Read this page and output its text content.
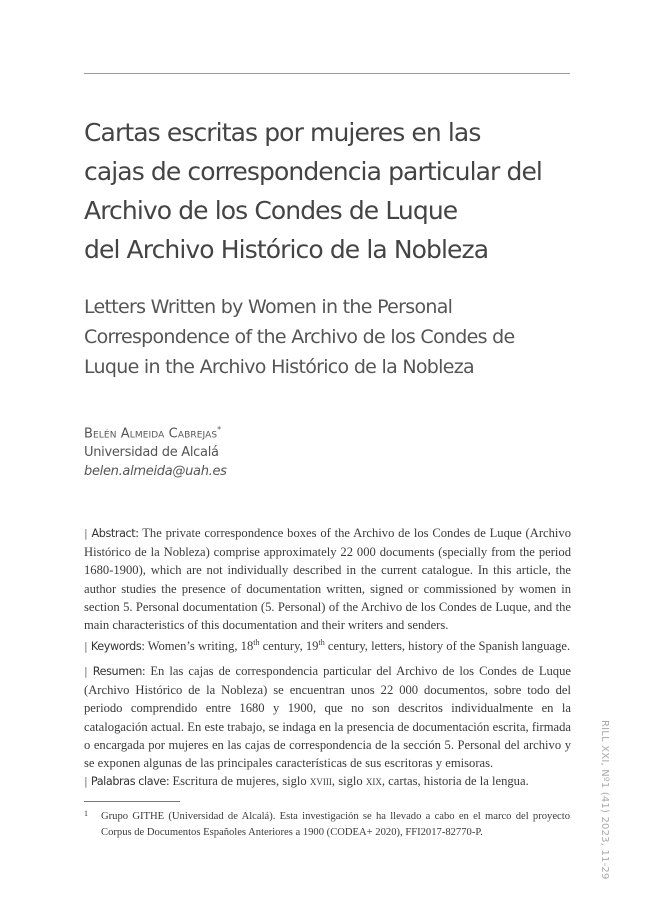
Cartas escritas por mujeres en las
cajas de correspondencia particular del
Archivo de los Condes de Luque
del Archivo Histórico de la Nobleza
Letters Written by Women in the Personal
Correspondence of the Archivo de los Condes de
Luque in the Archivo Histórico de la Nobleza
Belén Almeida Cabrejas*
Universidad de Alcalá
belen.almeida@uah.es

| Abstract: The private correspondence boxes of the Archivo de los Condes de Luque (Archivo Histórico de la Nobleza) comprise approximately 22 000 documents (specially from the period 1680-1900), which are not individually described in the current catalogue. In this article, the author studies the presence of documentation written, signed or commissioned by women in section 5. Personal documentation (5. Personal) of the Archivo de los Condes de Luque, and the main characteristics of this documentation and their writers and senders.

| Keywords: Women’s writing, 18th century, 19th century, letters, history of the Spanish language.

| Resumen: En las cajas de correspondencia particular del Archivo de los Condes de Luque (Archivo Histórico de la Nobleza) se encuentran unos 22 000 documentos, sobre todo del periodo comprendido entre 1680 y 1900, que no son descritos individualmente en la catalogación actual. En este trabajo, se indaga en la presencia de documentación escrita, firmada o encargada por mujeres en las cajas de correspondencia de la sección 5. Personal del archivo y se exponen algunas de las principales características de sus escritoras y emisoras.

| Palabras clave: Escritura de mujeres, siglo xviii, siglo xix, cartas, historia de la lengua.

1 Grupo GITHE (Universidad de Alcalá). Esta investigación se ha llevado a cabo en el marco del proyecto Corpus de Documentos Españoles Anteriores a 1900 (CODEA+ 2020), FFI2017-82770-P.	RILL XXI, Nº1 (41) 2023, 11-29
